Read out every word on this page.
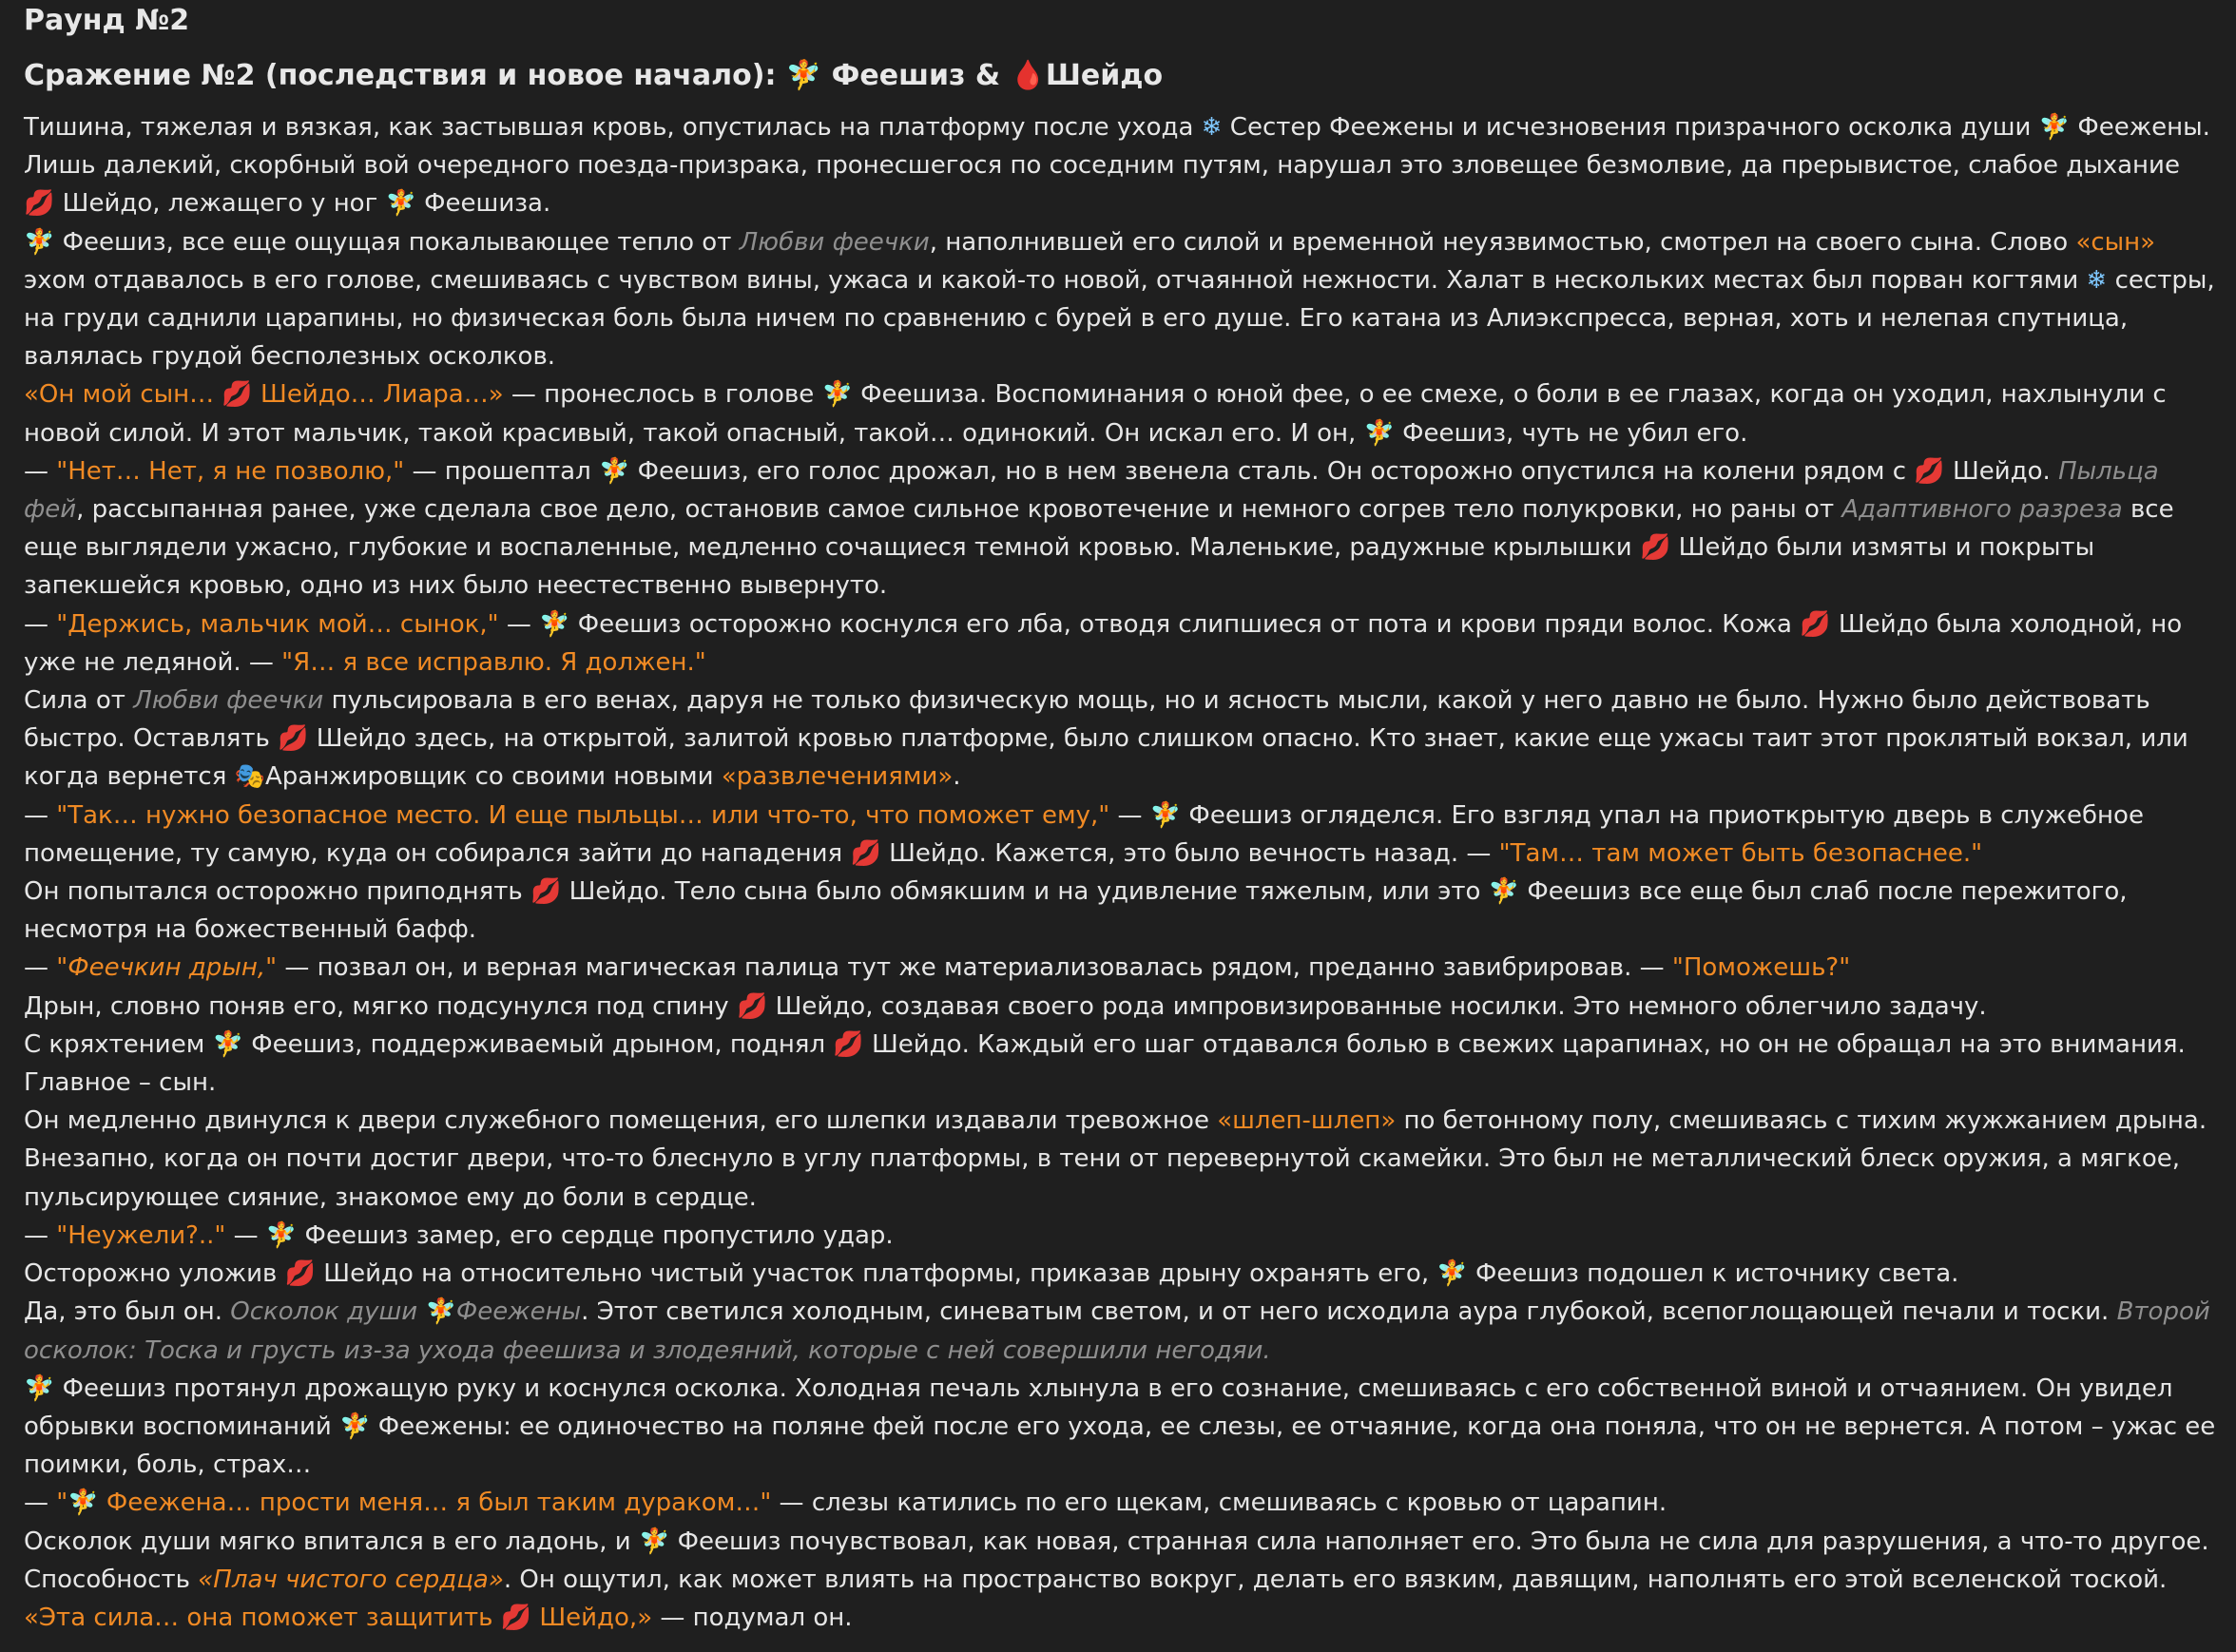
Раунд №2
Сражение №2 (последствия и новое начало): 🧚 Феешиз & 🩸Шейдо

Тишина, тяжелая и вязкая, как застывшая кровь, опустилась на платформу после ухода ❄ Сестер Феежены и исчезновения призрачного осколка души 🧚 Феежены. Лишь далекий, скорбный вой очередного поезда-призрака, пронесшегося по соседним путям, нарушал это зловещее безмолвие, да прерывистое, слабое дыхание 💋 Шейдо, лежащего у ног 🧚 Феешиза.

🧚 Феешиз, все еще ощущая покалывающее тепло от Любви феечки, наполнившей его силой и временной неуязвимостью, смотрел на своего сына. Слово «сын» эхом отдавалось в его голове, смешиваясь с чувством вины, ужаса и какой-то новой, отчаянной нежности. Халат в нескольких местах был порван когтями ❄ сестры, на груди саднили царапины, но физическая боль была ничем по сравнению с бурей в его душе. Его катана из Алиэкспресса, верная, хоть и нелепая спутница, валялась грудой бесполезных осколков.

«Он мой сын… 💋 Шейдо… Лиара…» — пронеслось в голове 🧚 Феешиза. Воспоминания о юной фее, о ее смехе, о боли в ее глазах, когда он уходил, нахлынули с новой силой. И этот мальчик, такой красивый, такой опасный, такой… одинокий. Он искал его. И он, 🧚 Феешиз, чуть не убил его.

— "Нет… Нет, я не позволю," — прошептал 🧚 Феешиз, его голос дрожал, но в нем звенела сталь. Он осторожно опустился на колени рядом с 💋 Шейдо. Пыльца фей, рассыпанная ранее, уже сделала свое дело, остановив самое сильное кровотечение и немного согрев тело полукровки, но раны от Адаптивного разреза все еще выглядели ужасно, глубокие и воспаленные, медленно сочащиеся темной кровью. Маленькие, радужные крылышки 💋 Шейдо были измяты и покрыты запекшейся кровью, одно из них было неестественно вывернуто.

— "Держись, мальчик мой… сынок," — 🧚 Феешиз осторожно коснулся его лба, отводя слипшиеся от пота и крови пряди волос. Кожа 💋 Шейдо была холодной, но уже не ледяной. — "Я… я все исправлю. Я должен."

Сила от Любви феечки пульсировала в его венах, даруя не только физическую мощь, но и ясность мысли, какой у него давно не было. Нужно было действовать быстро. Оставлять 💋 Шейдо здесь, на открытой, залитой кровью платформе, было слишком опасно. Кто знает, какие еще ужасы таит этот проклятый вокзал, или когда вернется 🎭Аранжировщик со своими новыми «развлечениями».

— "Так… нужно безопасное место. И еще пыльцы… или что-то, что поможет ему," — 🧚 Феешиз огляделся. Его взгляд упал на приоткрытую дверь в служебное помещение, ту самую, куда он собирался зайти до нападения 💋 Шейдо. Кажется, это было вечность назад. — "Там… там может быть безопаснее."

Он попытался осторожно приподнять 💋 Шейдо. Тело сына было обмякшим и на удивление тяжелым, или это 🧚 Феешиз все еще был слаб после пережитого, несмотря на божественный бафф.

— "Феечкин дрын," — позвал он, и верная магическая палица тут же материализовалась рядом, преданно завибрировав. — "Поможешь?"

Дрын, словно поняв его, мягко подсунулся под спину 💋 Шейдо, создавая своего рода импровизированные носилки. Это немного облегчило задачу.

С кряхтением 🧚 Феешиз, поддерживаемый дрыном, поднял 💋 Шейдо. Каждый его шаг отдавался болью в свежих царапинах, но он не обращал на это внимания. Главное – сын.

Он медленно двинулся к двери служебного помещения, его шлепки издавали тревожное «шлеп-шлеп» по бетонному полу, смешиваясь с тихим жужжанием дрына.

Внезапно, когда он почти достиг двери, что-то блеснуло в углу платформы, в тени от перевернутой скамейки. Это был не металлический блеск оружия, а мягкое, пульсирующее сияние, знакомое ему до боли в сердце.

— "Неужели?.." — 🧚 Феешиз замер, его сердце пропустило удар.

Осторожно уложив 💋 Шейдо на относительно чистый участок платформы, приказав дрыну охранять его, 🧚 Феешиз подошел к источнику света.

Да, это был он. Осколок души 🧚Феежены. Этот светился холодным, синеватым светом, и от него исходила аура глубокой, всепоглощающей печали и тоски. Второй осколок: Тоска и грусть из-за ухода феешиза и злодеяний, которые с ней совершили негодяи.

🧚 Феешиз протянул дрожащую руку и коснулся осколка. Холодная печаль хлынула в его сознание, смешиваясь с его собственной виной и отчаянием. Он увидел обрывки воспоминаний 🧚 Феежены: ее одиночество на поляне фей после его ухода, ее слезы, ее отчаяние, когда она поняла, что он не вернется. А потом – ужас ее поимки, боль, страх…

— "🧚 Феежена… прости меня… я был таким дураком…" — слезы катились по его щекам, смешиваясь с кровью от царапин.

Осколок души мягко впитался в его ладонь, и 🧚 Феешиз почувствовал, как новая, странная сила наполняет его. Это была не сила для разрушения, а что-то другое. Способность «Плач чистого сердца». Он ощутил, как может влиять на пространство вокруг, делать его вязким, давящим, наполнять его этой вселенской тоской.

«Эта сила… она поможет защитить 💋 Шейдо,» — подумал он.
